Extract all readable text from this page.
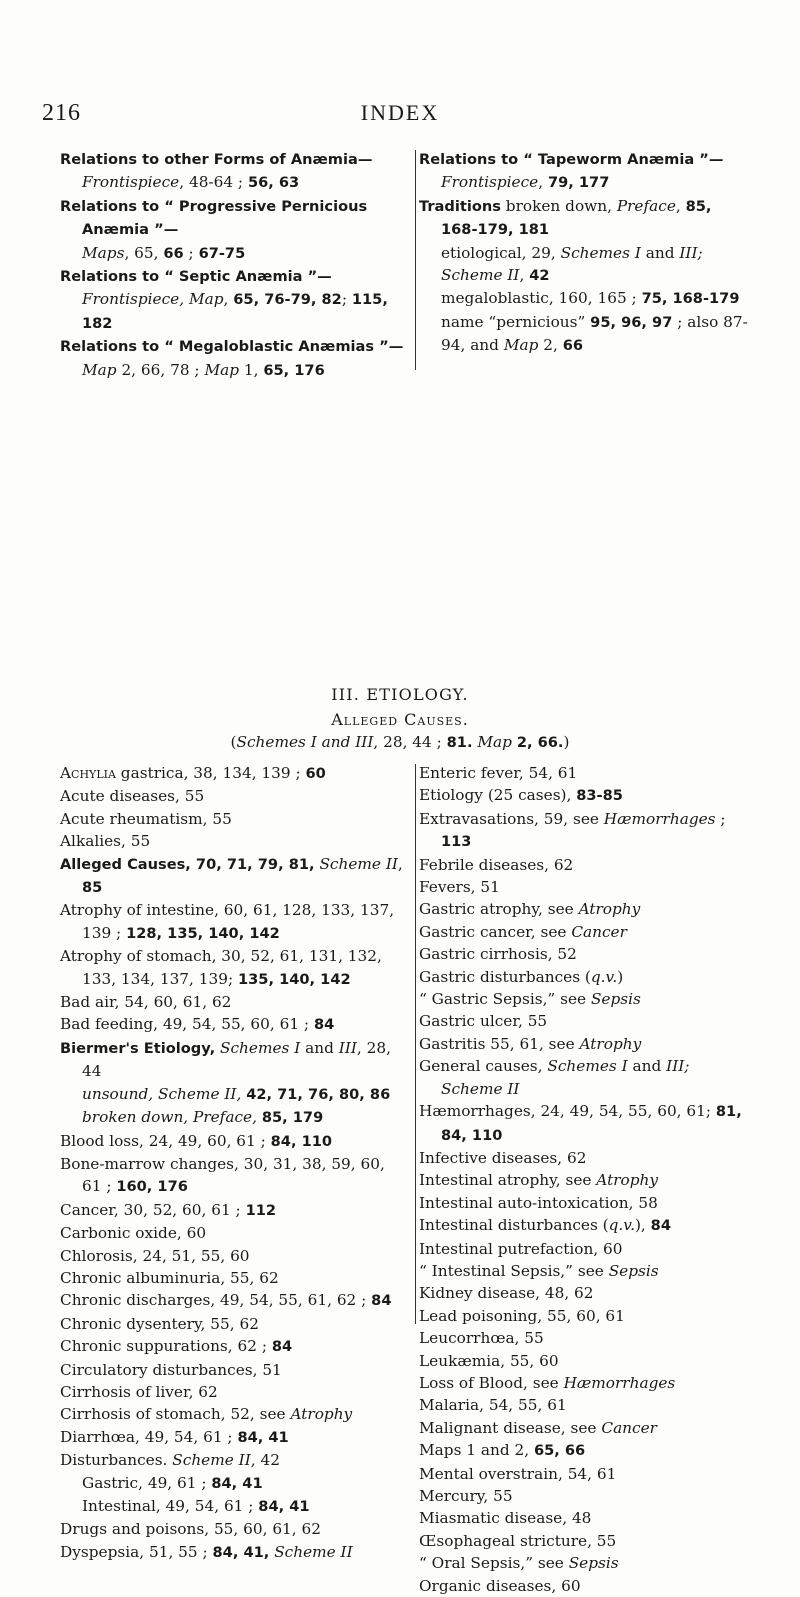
216	INDEX
Relations to other Forms of Anæmia—
Frontispiece, 48-64 ; 56, 63
Relations to “ Progressive Pernicious Anæmia ”—
Maps, 65, 66 ; 67-75
Relations to “ Septic Anæmia ”—
Frontispiece, Map, 65, 76-79, 82; 115, 182
Relations to “ Megaloblastic Anæmias ”—
Map 2, 66, 78 ; Map 1, 65, 176
Relations to “ Tapeworm Anæmia ”—
Frontispiece, 79, 177
Traditions broken down, Preface, 85, 168-179, 181
etiological, 29, Schemes I and III; Scheme II, 42
megaloblastic, 160, 165 ; 75, 168-179
name “pernicious” 95, 96, 97 ; also 87-94, and Map 2, 66
III. ETIOLOGY.
Alleged Causes.
(Schemes I and III, 28, 44 ; 81. Map 2, 66.)
Achylia gastrica, 38, 134, 139 ; 60
Acute diseases, 55
Acute rheumatism, 55
Alkalies, 55
Alleged Causes, 70, 71, 79, 81, Scheme II, 85
Atrophy of intestine, 60, 61, 128, 133, 137, 139 ; 128, 135, 140, 142
Atrophy of stomach, 30, 52, 61, 131, 132, 133, 134, 137, 139; 135, 140, 142
Bad air, 54, 60, 61, 62
Bad feeding, 49, 54, 55, 60, 61 ; 84
Biermer's Etiology, Schemes I and III, 28, 44
unsound, Scheme II, 42, 71, 76, 80, 86
broken down, Preface, 85, 179
Blood loss, 24, 49, 60, 61 ; 84, 110
Bone-marrow changes, 30, 31, 38, 59, 60, 61 ; 160, 176
Cancer, 30, 52, 60, 61 ; 112
Carbonic oxide, 60
Chlorosis, 24, 51, 55, 60
Chronic albuminuria, 55, 62
Chronic discharges, 49, 54, 55, 61, 62 ; 84
Chronic dysentery, 55, 62
Chronic suppurations, 62 ; 84
Circulatory disturbances, 51
Cirrhosis of liver, 62
Cirrhosis of stomach, 52, see Atrophy
Diarrhœa, 49, 54, 61 ; 84, 41
Disturbances. Scheme II, 42
Gastric, 49, 61 ; 84, 41
Intestinal, 49, 54, 61 ; 84, 41
Drugs and poisons, 55, 60, 61, 62
Dyspepsia, 51, 55 ; 84, 41, Scheme II
Enteric fever, 54, 61
Etiology (25 cases), 83-85
Extravasations, 59, see Hæmorrhages ; 113
Febrile diseases, 62
Fevers, 51
Gastric atrophy, see Atrophy
Gastric cancer, see Cancer
Gastric cirrhosis, 52
Gastric disturbances (q.v.)
“ Gastric Sepsis,” see Sepsis
Gastric ulcer, 55
Gastritis 55, 61, see Atrophy
General causes, Schemes I and III; Scheme II
Hæmorrhages, 24, 49, 54, 55, 60, 61; 81, 84, 110
Infective diseases, 62
Intestinal atrophy, see Atrophy
Intestinal auto-intoxication, 58
Intestinal disturbances (q.v.), 84
Intestinal putrefaction, 60
“ Intestinal Sepsis,” see Sepsis
Kidney disease, 48, 62
Lead poisoning, 55, 60, 61
Leucorrhœa, 55
Leukæmia, 55, 60
Loss of Blood, see Hæmorrhages
Malaria, 54, 55, 61
Malignant disease, see Cancer
Maps 1 and 2, 65, 66
Mental overstrain, 54, 61
Mercury, 55
Miasmatic disease, 48
Œsophageal stricture, 55
“ Oral Sepsis,” see Sepsis
Organic diseases, 60
